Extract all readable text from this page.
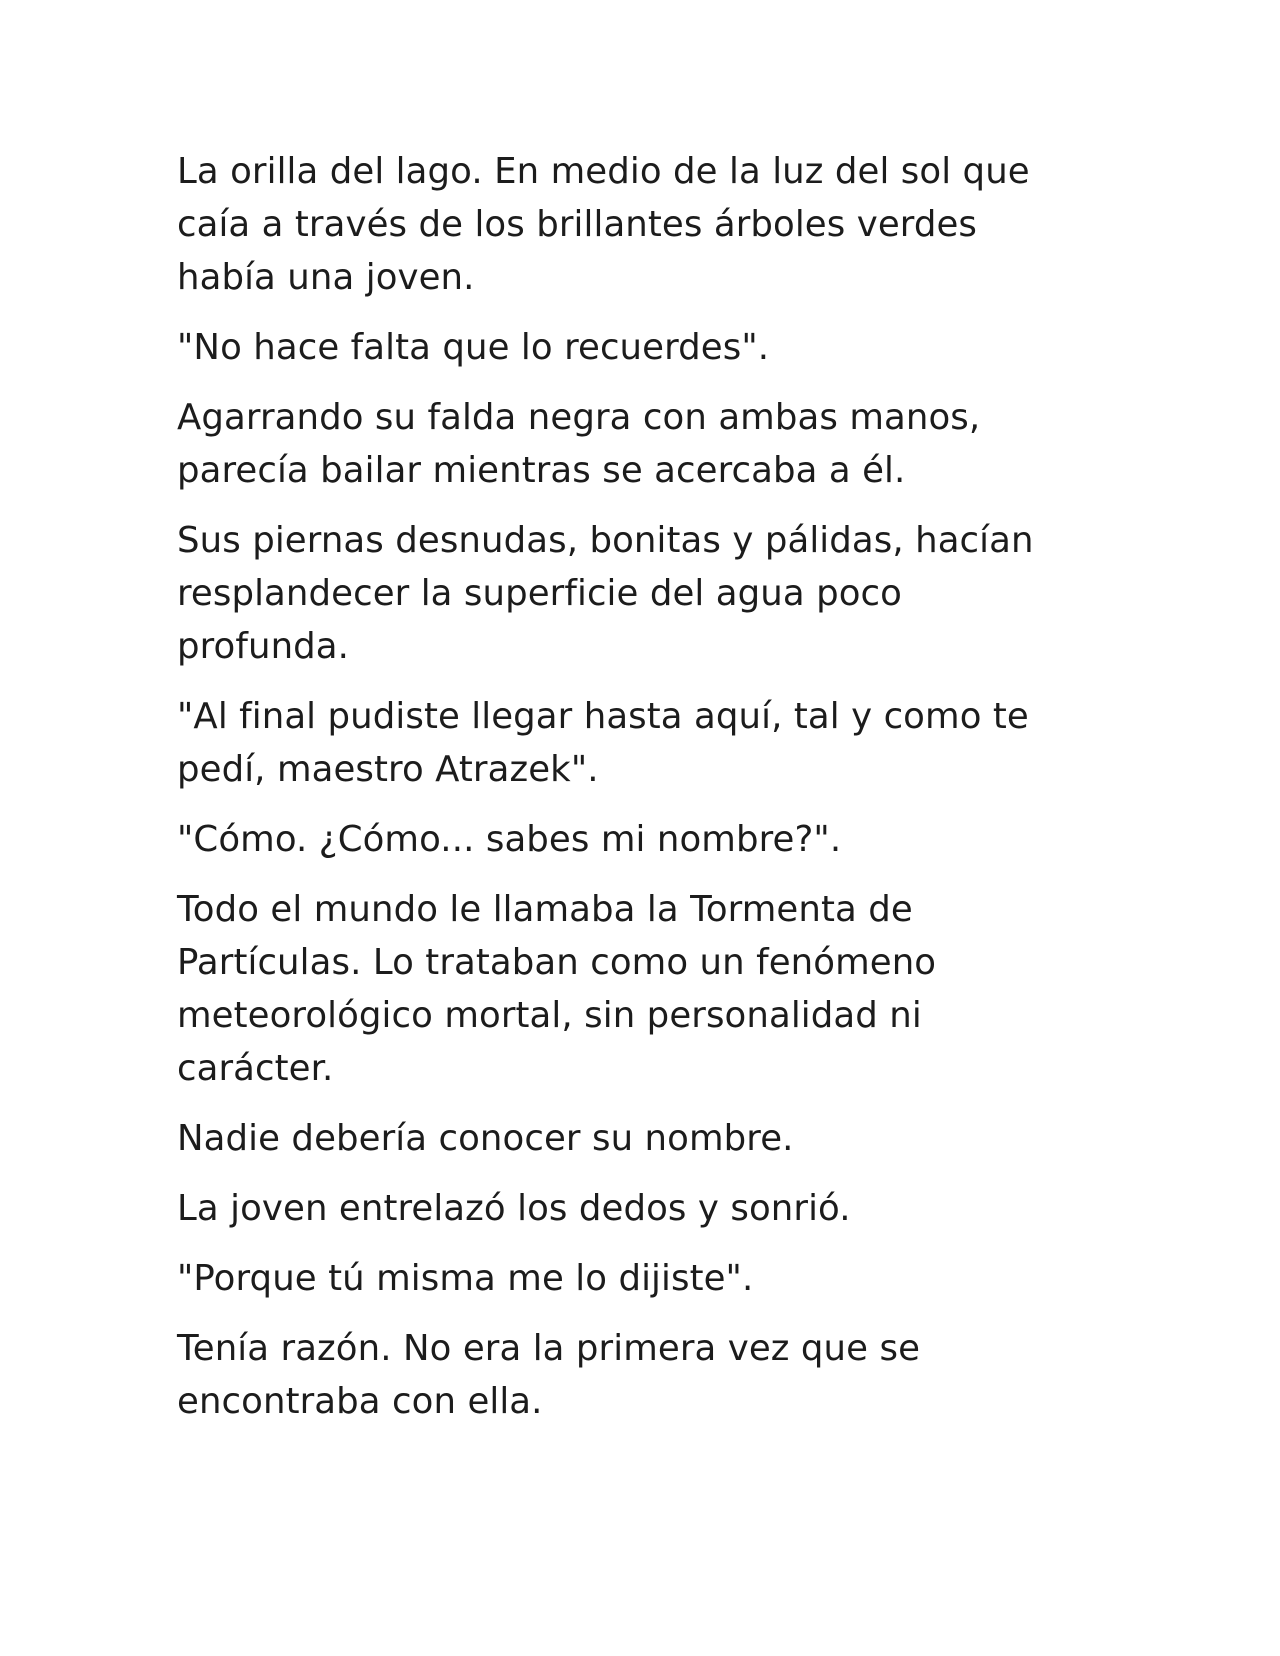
La orilla del lago. En medio de la luz del sol que
caía a través de los brillantes árboles verdes
había una joven.

"No hace falta que lo recuerdes".

Agarrando su falda negra con ambas manos,
parecía bailar mientras se acercaba a él.

Sus piernas desnudas, bonitas y pálidas, hacían
resplandecer la superficie del agua poco
profunda.

"Al final pudiste llegar hasta aquí, tal y como te
pedí, maestro Atrazek".

"Cómo. ¿Cómo... sabes mi nombre?".

Todo el mundo le llamaba la Tormenta de
Partículas. Lo trataban como un fenómeno
meteorológico mortal, sin personalidad ni
carácter.

Nadie debería conocer su nombre.

La joven entrelazó los dedos y sonrió.

"Porque tú misma me lo dijiste".

Tenía razón. No era la primera vez que se
encontraba con ella.
